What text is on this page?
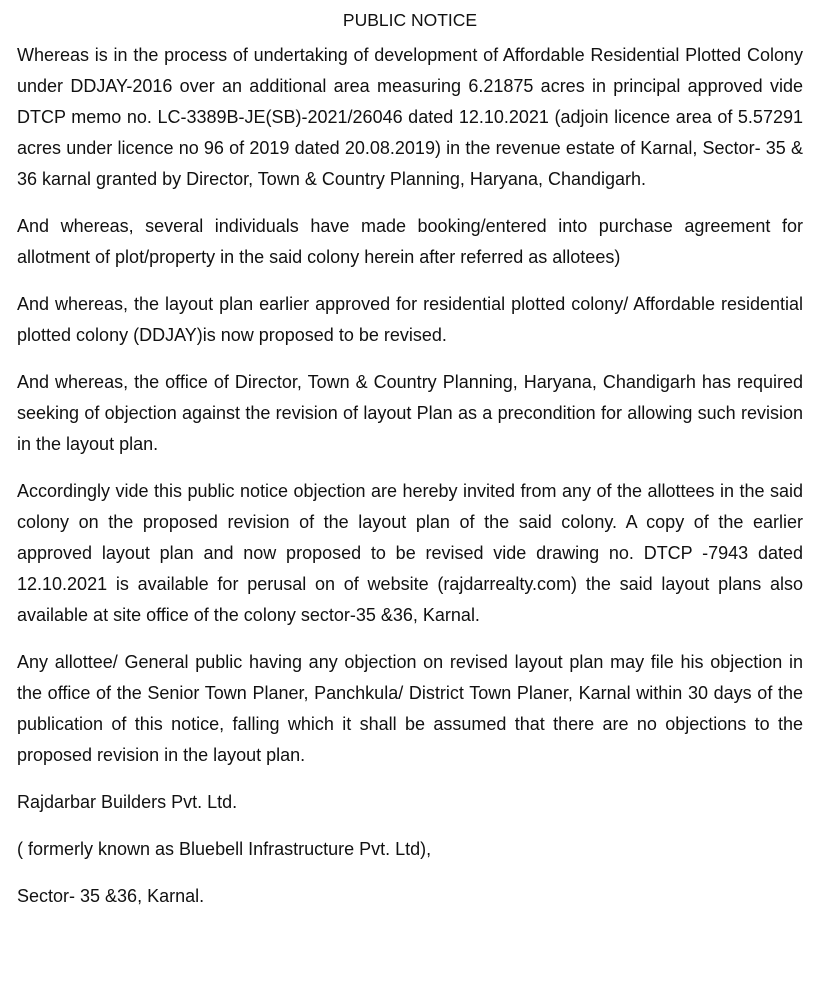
PUBLIC NOTICE

Whereas is in the process of undertaking of development of Affordable Residential Plotted Colony under DDJAY-2016 over an additional area measuring 6.21875 acres in principal approved vide DTCP memo no. LC-3389B-JE(SB)-2021/26046 dated 12.10.2021 (adjoin licence area of 5.57291 acres under licence no 96 of 2019 dated 20.08.2019) in the revenue estate of Karnal, Sector- 35 & 36 karnal granted by Director, Town & Country Planning, Haryana, Chandigarh.

And whereas, several individuals have made booking/entered into purchase agreement for allotment of plot/property in the said colony herein after referred as allotees)

And whereas, the layout plan earlier approved for residential plotted colony/ Affordable residential plotted colony (DDJAY)is now proposed to be revised.

And whereas, the office of Director, Town & Country Planning, Haryana, Chandigarh has required seeking of objection against the revision of layout Plan as a precondition for allowing such revision in the layout plan.

Accordingly vide this public notice objection are hereby invited from any of the allottees in the said colony on the proposed revision of the layout plan of the said colony. A copy of the earlier approved layout plan and now proposed to be revised vide drawing no. DTCP -7943 dated 12.10.2021 is available for perusal on of website (rajdarrealty.com) the said layout plans also available at site office of the colony sector-35 &36, Karnal.

Any allottee/ General public having any objection on revised layout plan may file his objection in the office of the Senior Town Planer, Panchkula/ District Town Planer, Karnal within 30 days of the publication of this notice, falling which it shall be assumed that there are no objections to the proposed revision in the layout plan.

Rajdarbar Builders Pvt. Ltd.
( formerly known as Bluebell Infrastructure Pvt. Ltd),
Sector- 35 &36, Karnal.
